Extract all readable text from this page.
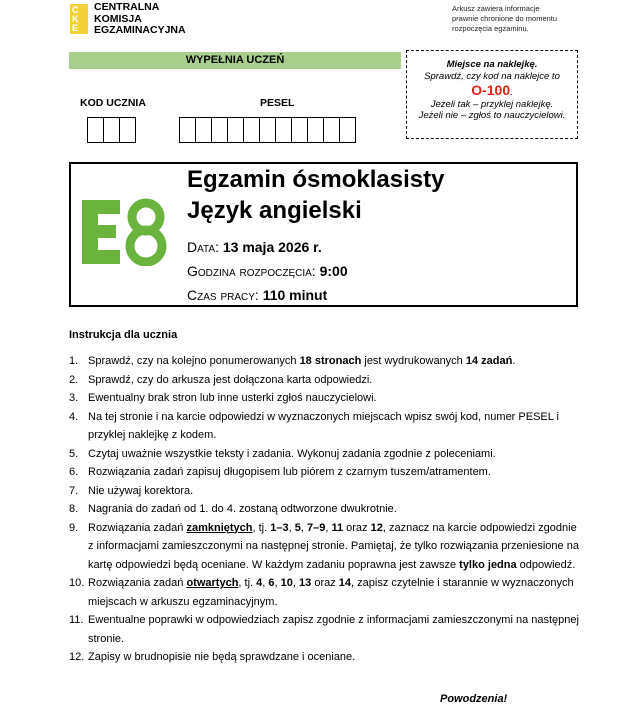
C
K
E
CENTRALNA
KOMISJA
EGZAMINACYJNA
Arkusz zawiera informacje
prawnie chronione do momentu
rozpoczęcia egzaminu.
WYPEŁNIA UCZEŃ
KOD UCZNIA	PESEL
Miejsce na naklejkę.
Sprawdź, czy kod na naklejce to
O-100.
Jeżeli tak – przyklej naklejkę.
Jeżeli nie – zgłoś to nauczycielowi.
Egzamin ósmoklasisty
Język angielski
Data: 13 maja 2026 r.
Godzina rozpoczęcia: 9:00
Czas pracy: 110 minut
Instrukcja dla ucznia
1. Sprawdź, czy na kolejno ponumerowanych 18 stronach jest wydrukowanych 14 zadań.
2. Sprawdź, czy do arkusza jest dołączona karta odpowiedzi.
3. Ewentualny brak stron lub inne usterki zgłoś nauczycielowi.
4. Na tej stronie i na karcie odpowiedzi w wyznaczonych miejscach wpisz swój kod, numer PESEL i przyklej naklejkę z kodem.
5. Czytaj uważnie wszystkie teksty i zadania. Wykonuj zadania zgodnie z poleceniami.
6. Rozwiązania zadań zapisuj długopisem lub piórem z czarnym tuszem/atramentem.
7. Nie używaj korektora.
8. Nagrania do zadań od 1. do 4. zostaną odtworzone dwukrotnie.
9. Rozwiązania zadań zamkniętych, tj. 1–3, 5, 7–9, 11 oraz 12, zaznacz na karcie odpowiedzi zgodnie z informacjami zamieszczonymi na następnej stronie. Pamiętaj, że tylko rozwiązania przeniesione na kartę odpowiedzi będą oceniane. W każdym zadaniu poprawna jest zawsze tylko jedna odpowiedź.
10. Rozwiązania zadań otwartych, tj. 4, 6, 10, 13 oraz 14, zapisz czytelnie i starannie w wyznaczonych miejscach w arkuszu egzaminacyjnym.
11. Ewentualne poprawki w odpowiedziach zapisz zgodnie z informacjami zamieszczonymi na następnej stronie.
12. Zapisy w brudnopisie nie będą sprawdzane i oceniane.
Powodzenia!
